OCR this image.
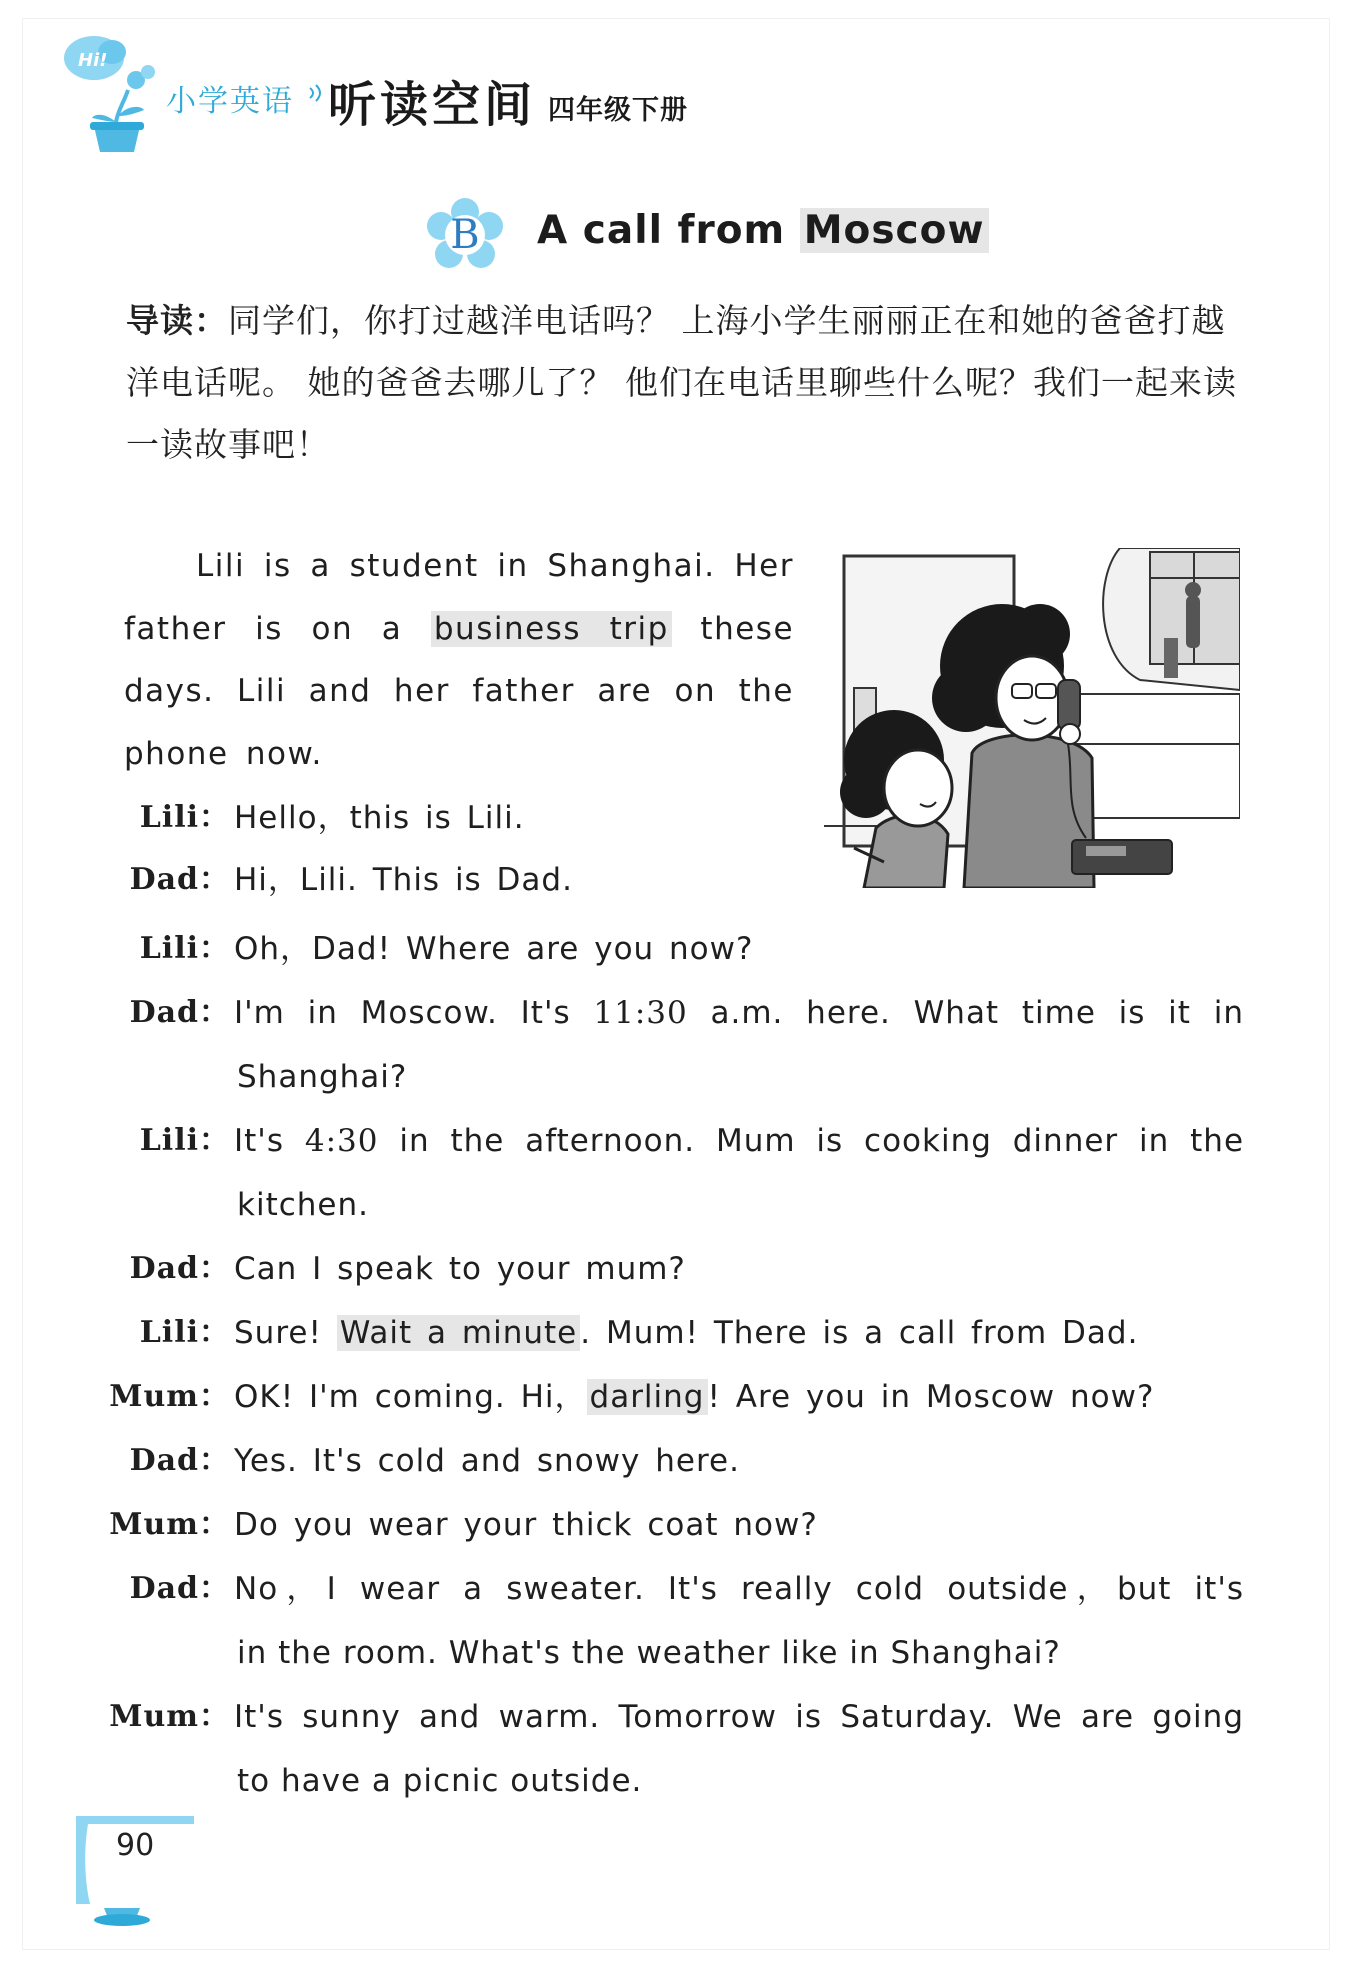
Hi!
小学英语 听读空间 四年级下册
B	A call from Moscow
导读：同学们，你打过越洋电话吗？ 上海小学生丽丽正在和她的爸爸打越洋电话呢。 她的爸爸去哪儿了？ 他们在电话里聊些什么呢？我们一起来读一读故事吧！
Lili is a student in Shanghai. Her father is on a business trip these days. Lili and her father are on the phone now.
Lili： Hello，this is Lili.
Dad： Hi，Lili. This is Dad.
Lili： Oh，Dad! Where are you now?
Dad： I'm in Moscow. It's 11:30 a.m. here. What time is it in
Shanghai?
Lili： It's 4:30 in the afternoon. Mum is cooking dinner in the
kitchen.
Dad： Can I speak to your mum?
Lili： Sure! Wait a minute. Mum! There is a call from Dad.
Mum： OK! I'm coming. Hi，darling! Are you in Moscow now?
Dad： Yes. It's cold and snowy here.
Mum： Do you wear your thick coat now?
Dad： No，I wear a sweater. It's really cold outside，but it's
in the room. What's the weather like in Shanghai?
Mum： It's sunny and warm. Tomorrow is Saturday. We are going
to have a picnic outside.
90
